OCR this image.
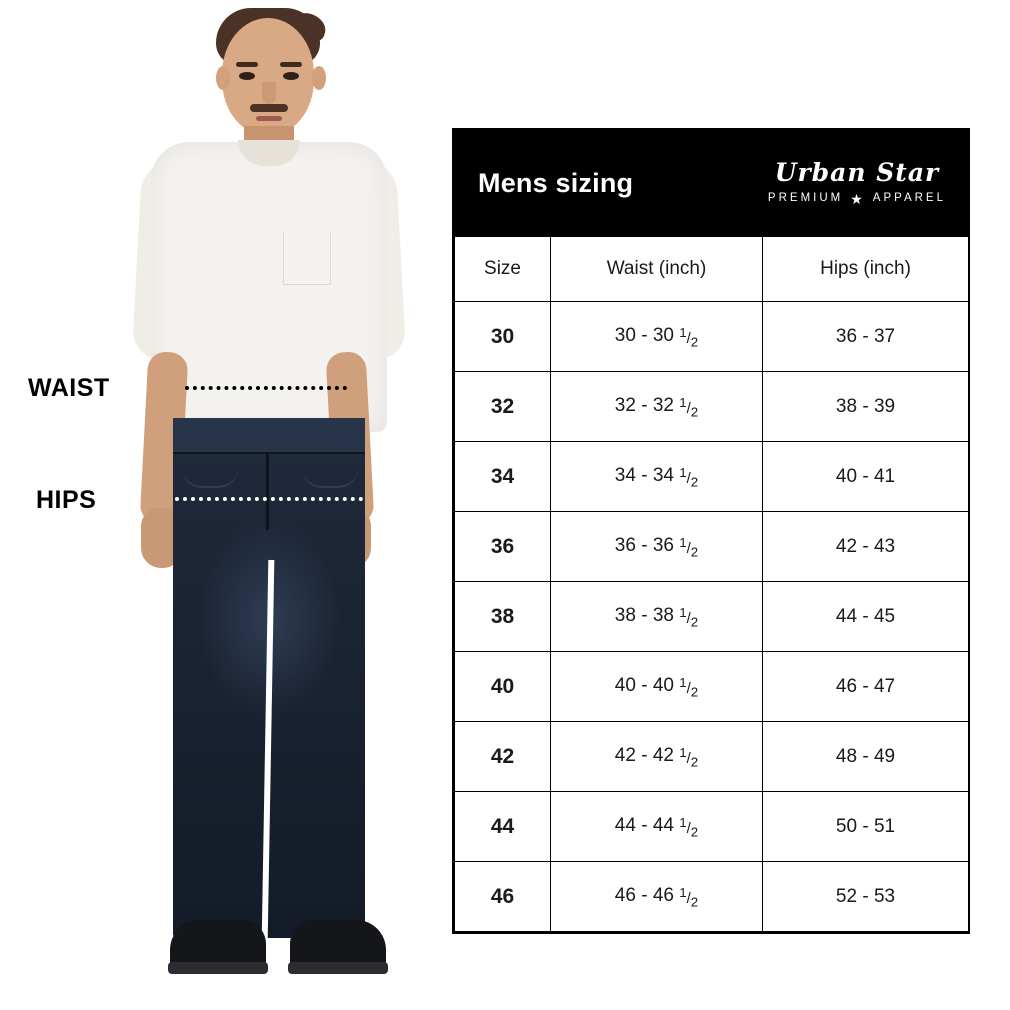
WAIST
HIPS
Mens sizing	Urban Star
PREMIUM ★ APPAREL
Size	Waist (inch)	Hips (inch)
30	30 - 30 $^1/_2$	36 - 37
32	32 - 32 $^1/_2$	38 - 39
34	34 - 34 $^1/_2$	40 - 41
36	36 - 36 $^1/_2$	42 - 43
38	38 - 38 $^1/_2$	44 - 45
40	40 - 40 $^1/_2$	46 - 47
42	42 - 42 $^1/_2$	48 - 49
44	44 - 44 $^1/_2$	50 - 51
46	46 - 46 $^1/_2$	52 - 53
